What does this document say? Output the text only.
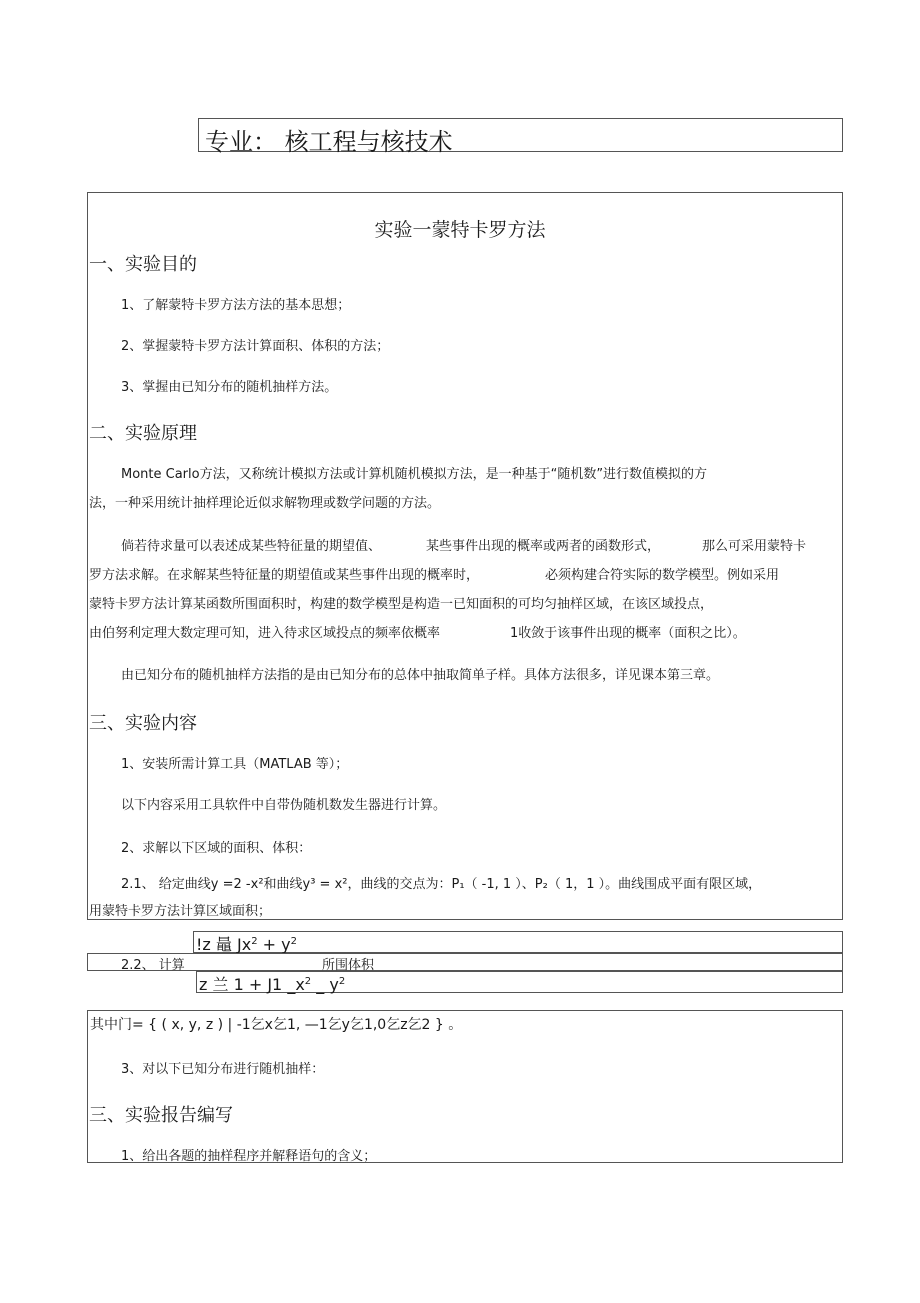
专业： 核工程与核技术

实验一蒙特卡罗方法

一、实验目的

1、了解蒙特卡罗方法方法的基本思想；

2、掌握蒙特卡罗方法计算面积、体积的方法；

3、掌握由已知分布的随机抽样方法。

二、实验原理

Monte Carlo方法，又称统计模拟方法或计算机随机模拟方法，是一种基于“随机数”进行数值模拟的方

法，一种采用统计抽样理论近似求解物理或数学问题的方法。

倘若待求量可以表述成某些特征量的期望值、	某些事件出现的概率或两者的函数形式，	那么可采用蒙特卡

罗方法求解。在求解某些特征量的期望值或某些事件出现的概率时，	必须构建合符实际的数学模型。例如采用

蒙特卡罗方法计算某函数所围面积时，构建的数学模型是构造一已知面积的可均匀抽样区域，在该区域投点，

由伯努利定理大数定理可知，进入待求区域投点的频率依概率	1收敛于该事件出现的概率（面积之比）。

由已知分布的随机抽样方法指的是由已知分布的总体中抽取简单子样。具体方法很多，详见课本第三章。

三、实验内容

1、安装所需计算工具（MATLAB 等）；

以下内容采用工具软件中自带伪随机数发生器进行计算。

2、求解以下区域的面积、体积：

2.1、 给定曲线y =2 -x²和曲线y³ = x²，曲线的交点为：P₁（ -1, 1 ）、P₂（ 1，1 ）。曲线围成平面有限区域，

用蒙特卡罗方法计算区域面积；

!z 鼂 $Jx^2 + y^2$

2.2、 计算	所围体积

z 兰 1 + J1 $\_x^2$ _ $y^2$

其中门= { ( x, y, z ) | -1乞x乞1, —1乞y乞1,0乞z乞2 } 。

3、对以下已知分布进行随机抽样：

三、实验报告编写

1、给出各题的抽样程序并解释语句的含义；
